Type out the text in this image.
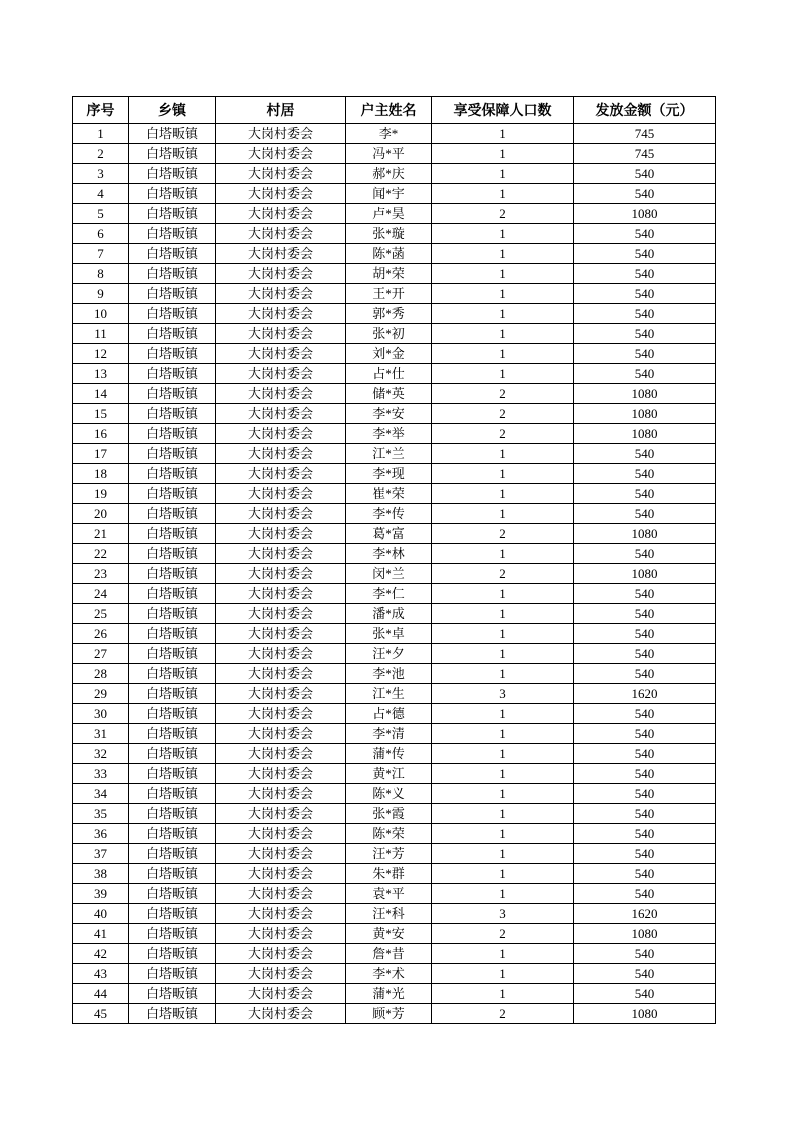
序号	乡镇	村居	户主姓名	享受保障人口数	发放金额（元）
1	白塔畈镇	大岗村委会	李*	1	745
2	白塔畈镇	大岗村委会	冯*平	1	745
3	白塔畈镇	大岗村委会	郝*庆	1	540
4	白塔畈镇	大岗村委会	闻*宇	1	540
5	白塔畈镇	大岗村委会	卢*昊	2	1080
6	白塔畈镇	大岗村委会	张*璇	1	540
7	白塔畈镇	大岗村委会	陈*菡	1	540
8	白塔畈镇	大岗村委会	胡*荣	1	540
9	白塔畈镇	大岗村委会	王*开	1	540
10	白塔畈镇	大岗村委会	郭*秀	1	540
11	白塔畈镇	大岗村委会	张*初	1	540
12	白塔畈镇	大岗村委会	刘*金	1	540
13	白塔畈镇	大岗村委会	占*仕	1	540
14	白塔畈镇	大岗村委会	储*英	2	1080
15	白塔畈镇	大岗村委会	李*安	2	1080
16	白塔畈镇	大岗村委会	李*举	2	1080
17	白塔畈镇	大岗村委会	江*兰	1	540
18	白塔畈镇	大岗村委会	李*现	1	540
19	白塔畈镇	大岗村委会	崔*荣	1	540
20	白塔畈镇	大岗村委会	李*传	1	540
21	白塔畈镇	大岗村委会	葛*富	2	1080
22	白塔畈镇	大岗村委会	李*林	1	540
23	白塔畈镇	大岗村委会	闵*兰	2	1080
24	白塔畈镇	大岗村委会	李*仁	1	540
25	白塔畈镇	大岗村委会	潘*成	1	540
26	白塔畈镇	大岗村委会	张*卓	1	540
27	白塔畈镇	大岗村委会	汪*夕	1	540
28	白塔畈镇	大岗村委会	李*池	1	540
29	白塔畈镇	大岗村委会	江*生	3	1620
30	白塔畈镇	大岗村委会	占*德	1	540
31	白塔畈镇	大岗村委会	李*清	1	540
32	白塔畈镇	大岗村委会	蒲*传	1	540
33	白塔畈镇	大岗村委会	黄*江	1	540
34	白塔畈镇	大岗村委会	陈*义	1	540
35	白塔畈镇	大岗村委会	张*霞	1	540
36	白塔畈镇	大岗村委会	陈*荣	1	540
37	白塔畈镇	大岗村委会	汪*芳	1	540
38	白塔畈镇	大岗村委会	朱*群	1	540
39	白塔畈镇	大岗村委会	袁*平	1	540
40	白塔畈镇	大岗村委会	汪*科	3	1620
41	白塔畈镇	大岗村委会	黄*安	2	1080
42	白塔畈镇	大岗村委会	詹*昔	1	540
43	白塔畈镇	大岗村委会	李*术	1	540
44	白塔畈镇	大岗村委会	蒲*光	1	540
45	白塔畈镇	大岗村委会	顾*芳	2	1080
